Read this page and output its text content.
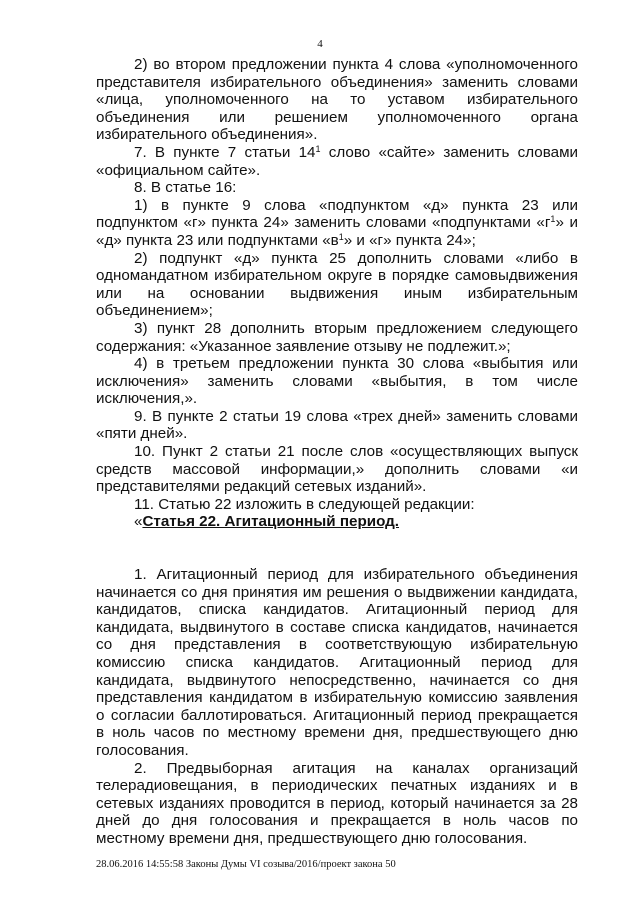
4

2) во втором предложении пункта 4 слова «уполномоченного представителя избирательного объединения» заменить словами «лица, уполномоченного на то уставом избирательного объединения или решением уполномоченного органа избирательного объединения».

7. В пункте 7 статьи $14^1$ слово «сайте» заменить словами «официальном сайте».

8. В статье 16:

1) в пункте 9 слова «подпунктом «д» пункта 23 или подпунктом «г» пункта 24» заменить словами «подпунктами «$г^1$» и «д» пункта 23 или подпунктами «$в^1$» и «г» пункта 24»;

2) подпункт «д» пункта 25 дополнить словами «либо в одномандатном избирательном округе в порядке самовыдвижения или на основании выдвижения иным избирательным объединением»;

3) пункт 28 дополнить вторым предложением следующего содержания: «Указанное заявление отзыву не подлежит.»;

4) в третьем предложении пункта 30 слова «выбытия или исключения» заменить словами «выбытия, в том числе исключения,».

9. В пункте 2 статьи 19 слова «трех дней» заменить словами «пяти дней».

10. Пункт 2 статьи 21 после слов «осуществляющих выпуск средств массовой информации,» дополнить словами «и представителями редакций сетевых изданий».

11. Статью 22 изложить в следующей редакции:

«Статья 22. Агитационный период.

1. Агитационный период для избирательного объединения начинается со дня принятия им решения о выдвижении кандидата, кандидатов, списка кандидатов. Агитационный период для кандидата, выдвинутого в составе списка кандидатов, начинается со дня представления в соответствующую избирательную комиссию списка кандидатов. Агитационный период для кандидата, выдвинутого непосредственно, начинается со дня представления кандидатом в избирательную комиссию заявления о согласии баллотироваться. Агитационный период прекращается в ноль часов по местному времени дня, предшествующего дню голосования.

2. Предвыборная агитация на каналах организаций телерадиовещания, в периодических печатных изданиях и в сетевых изданиях проводится в период, который начинается за 28 дней до дня голосования и прекращается в ноль часов по местному времени дня, предшествующего дню голосования.

28.06.2016 14:55:58 Законы Думы VI созыва/2016/проект закона 50
